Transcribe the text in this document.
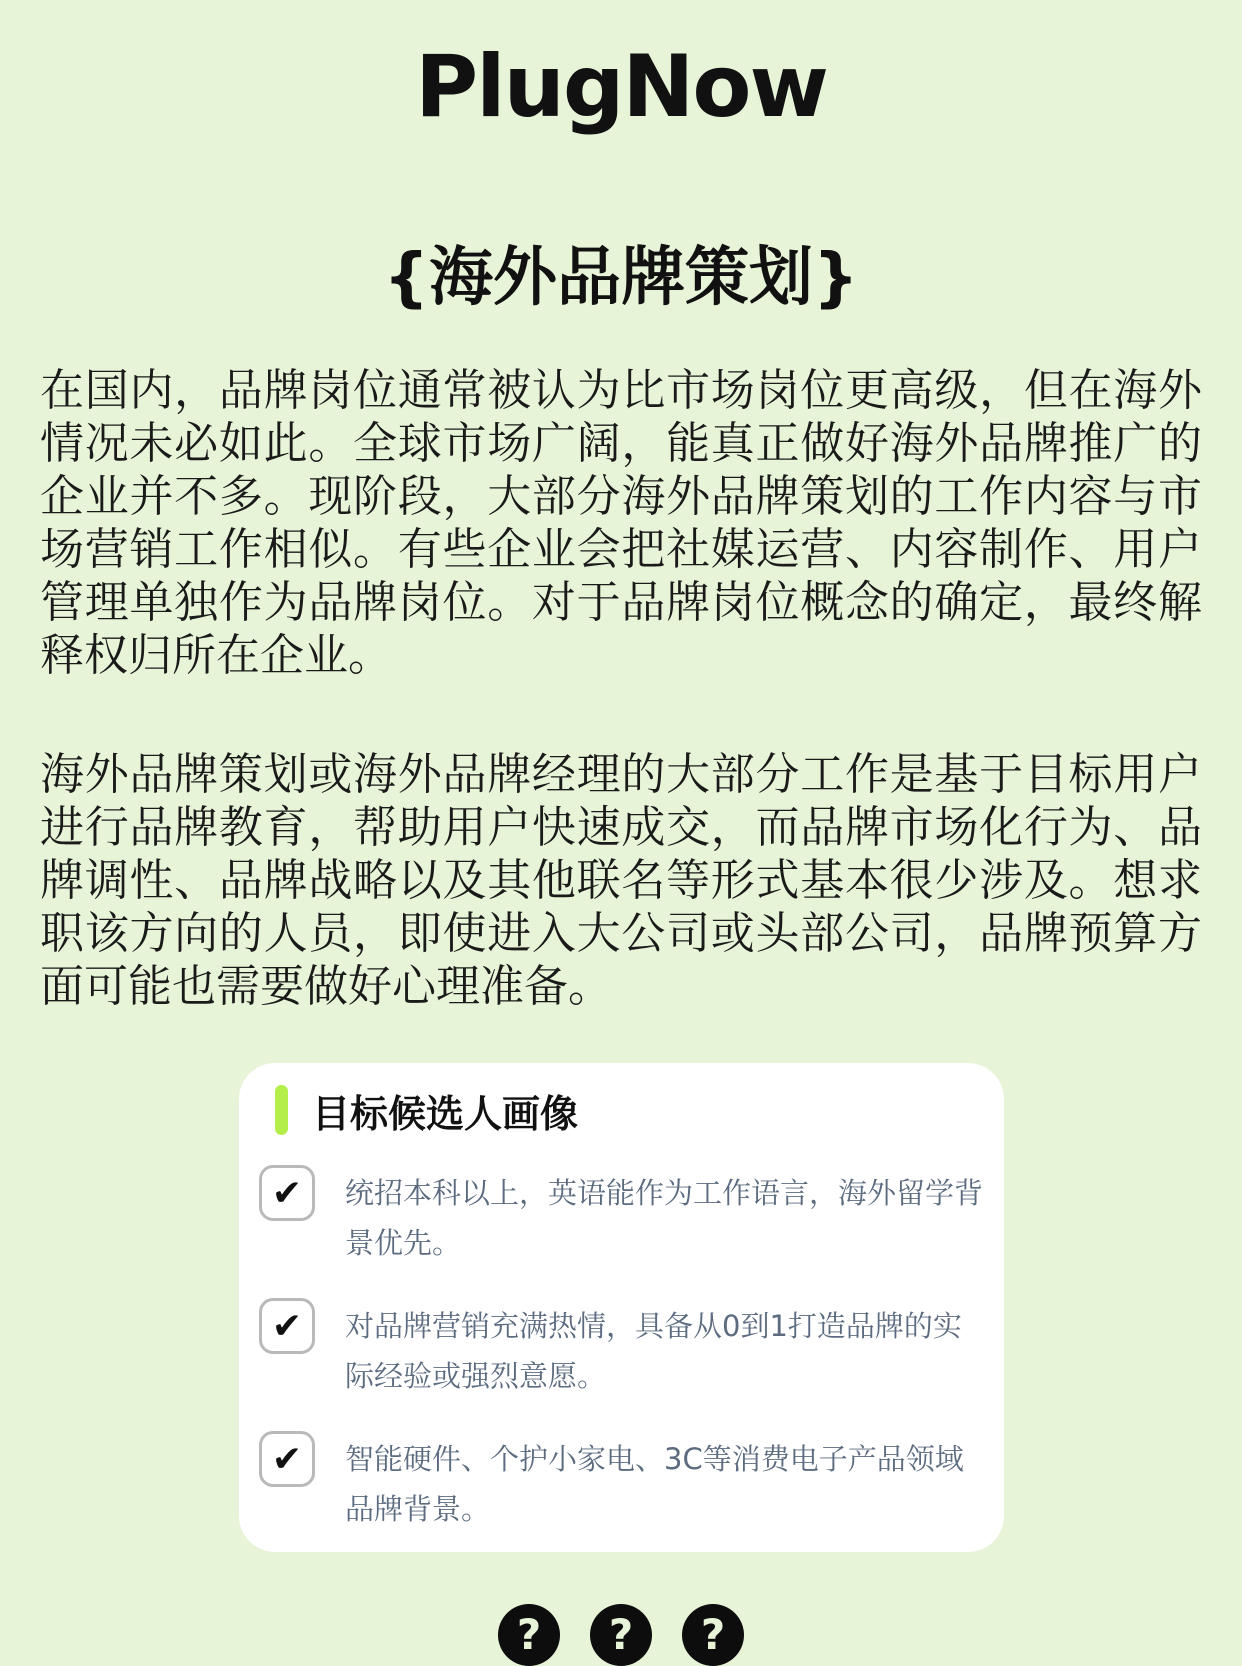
PlugNow
{海外品牌策划}

在国内，品牌岗位通常被认为比市场岗位更高级，但在海外情况未必如此。全球市场广阔，能真正做好海外品牌推广的企业并不多。现阶段，大部分海外品牌策划的工作内容与市场营销工作相似。有些企业会把社媒运营、内容制作、用户管理单独作为品牌岗位。对于品牌岗位概念的确定，最终解释权归所在企业。

海外品牌策划或海外品牌经理的大部分工作是基于目标用户进行品牌教育，帮助用户快速成交，而品牌市场化行为、品牌调性、品牌战略以及其他联名等形式基本很少涉及。想求职该方向的人员，即使进入大公司或头部公司，品牌预算方面可能也需要做好心理准备。

目标候选人画像
✔	统招本科以上，英语能作为工作语言，海外留学背景优先。
✔	对品牌营销充满热情，具备从0到1打造品牌的实际经验或强烈意愿。
✔	智能硬件、个护小家电、3C等消费电子产品领域品牌背景。
?	?	?
